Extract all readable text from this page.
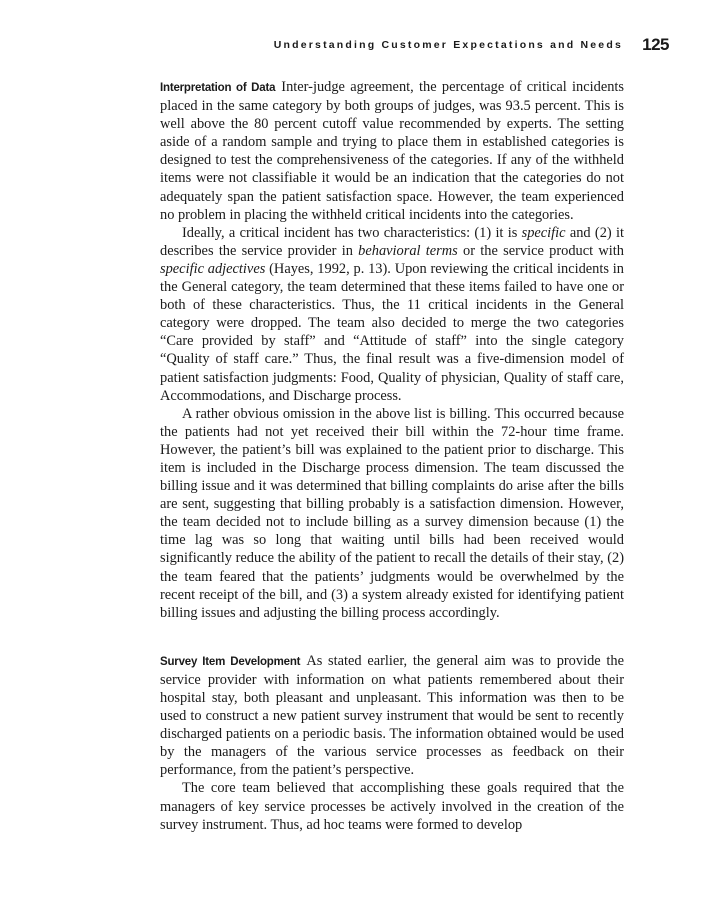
Understanding Customer Expectations and Needs 125

Interpretation of Data Inter-judge agreement, the percentage of critical incidents placed in the same category by both groups of judges, was 93.5 percent. This is well above the 80 percent cutoff value recommended by experts. The setting aside of a random sample and trying to place them in established categories is designed to test the comprehensiveness of the categories. If any of the withheld items were not classifiable it would be an indication that the categories do not adequately span the patient satisfaction space. However, the team experienced no problem in placing the withheld critical incidents into the categories.

Ideally, a critical incident has two characteristics: (1) it is specific and (2) it describes the service provider in behavioral terms or the service product with specific adjectives (Hayes, 1992, p. 13). Upon reviewing the critical incidents in the General category, the team determined that these items failed to have one or both of these characteristics. Thus, the 11 critical incidents in the General category were dropped. The team also decided to merge the two categories “Care provided by staff” and “Attitude of staff” into the single category “Quality of staff care.” Thus, the final result was a five-dimension model of patient satisfaction judgments: Food, Quality of physician, Quality of staff care, Accommodations, and Discharge process.

A rather obvious omission in the above list is billing. This occurred because the patients had not yet received their bill within the 72-hour time frame. However, the patient’s bill was explained to the patient prior to discharge. This item is included in the Discharge process dimension. The team discussed the billing issue and it was determined that billing complaints do arise after the bills are sent, suggesting that billing probably is a satisfaction dimension. However, the team decided not to include billing as a survey dimension because (1) the time lag was so long that waiting until bills had been received would significantly reduce the ability of the patient to recall the details of their stay, (2) the team feared that the patients’ judgments would be overwhelmed by the recent receipt of the bill, and (3) a system already existed for identifying patient billing issues and adjusting the billing process accordingly.

Survey Item Development As stated earlier, the general aim was to provide the service provider with information on what patients remembered about their hospital stay, both pleasant and unpleasant. This information was then to be used to construct a new patient survey instrument that would be sent to recently discharged patients on a periodic basis. The information obtained would be used by the managers of the various service processes as feedback on their performance, from the patient’s perspective.

The core team believed that accomplishing these goals required that the managers of key service processes be actively involved in the creation of the survey instrument. Thus, ad hoc teams were formed to develop
